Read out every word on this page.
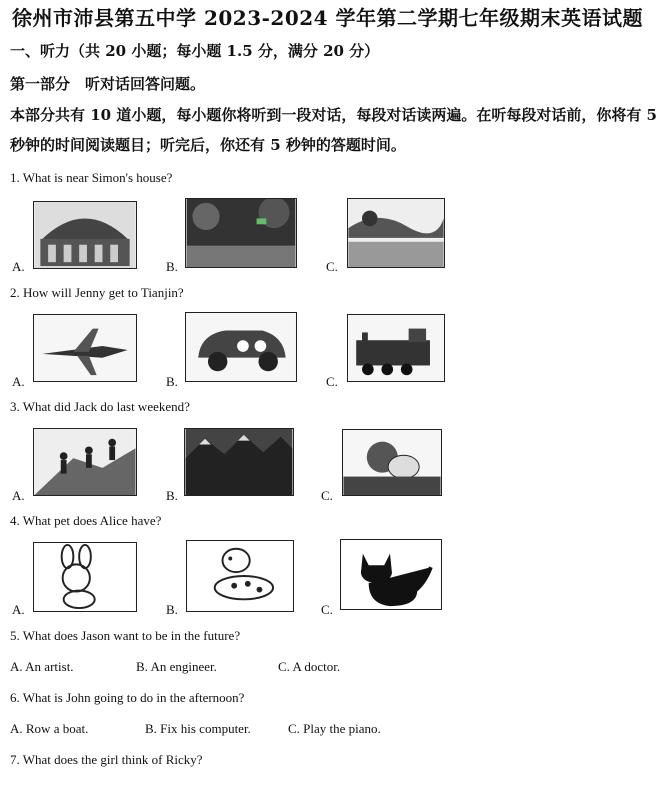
徐州市沛县第五中学 2023-2024 学年第二学期七年级期末英语试题
一、听力（共 20 小题；每小题 1.5 分，满分 20 分）
第一部分　听对话回答问题。
本部分共有 10 道小题，每小题你将听到一段对话，每段对话读两遍。在听每段对话前，你将有 5 秒钟的时间阅读题目；听完后，你还有 5 秒钟的答题时间。
1. What is near Simon's house?
A.	B.	C.
2. How will Jenny get to Tianjin?
A.	B.	C.
3. What did Jack do last weekend?
A.	B.	C.
4. What pet does Alice have?
A.	B.	C.
5. What does Jason want to be in the future?
A. An artist.	B. An engineer.	C. A doctor.
6. What is John going to do in the afternoon?
A. Row a boat.	B. Fix his computer.	C. Play the piano.
7. What does the girl think of Ricky?
